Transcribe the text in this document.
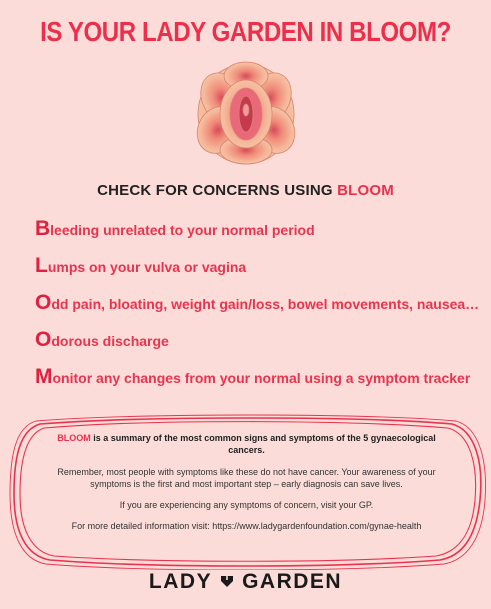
IS YOUR LADY GARDEN IN BLOOM?
CHECK FOR CONCERNS USING BLOOM
Bleeding unrelated to your normal period
Lumps on your vulva or vagina
Odd pain, bloating, weight gain/loss, bowel movements, nausea…
Odorous discharge
Monitor any changes from your normal using a symptom tracker
BLOOM is a summary of the most common signs and symptoms of the 5 gynaecological cancers.

Remember, most people with symptoms like these do not have cancer. Your awareness of your symptoms is the first and most important step – early diagnosis can save lives.

If you are experiencing any symptoms of concern, visit your GP.

For more detailed information visit: https://www.ladygardenfoundation.com/gynae-health

LADY GARDEN
